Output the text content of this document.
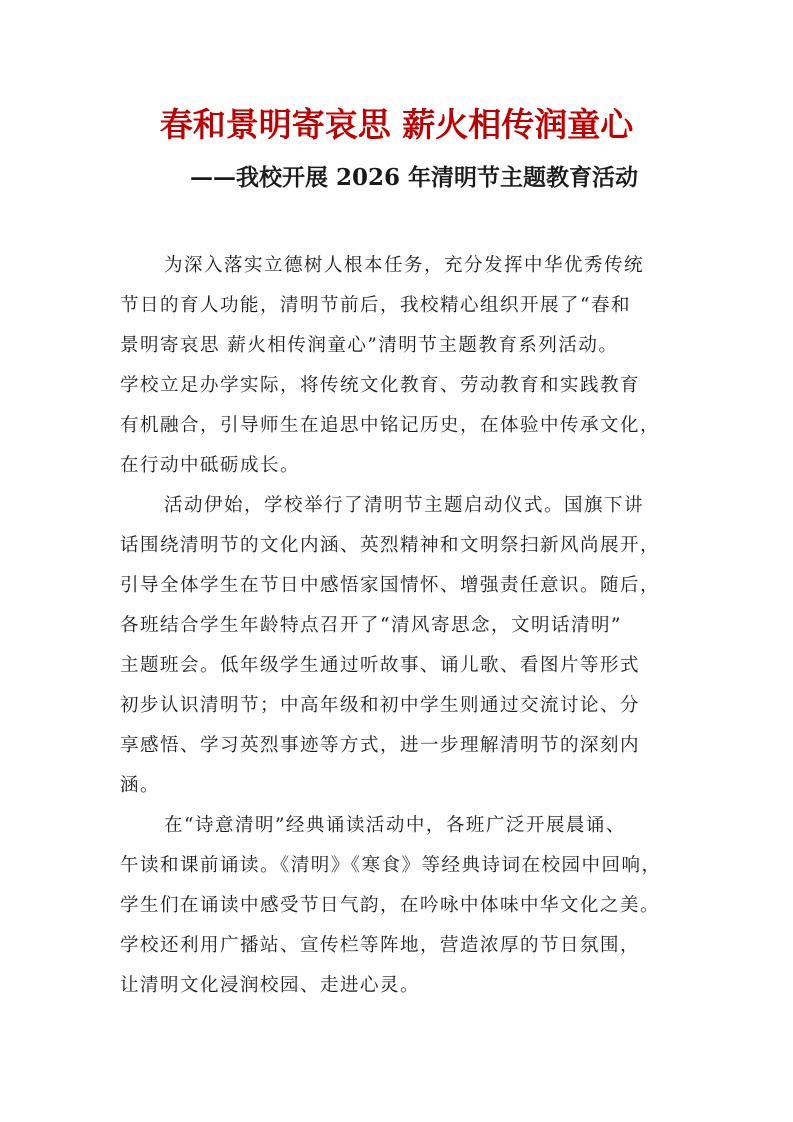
春和景明寄哀思 薪火相传润童心
——我校开展 2026 年清明节主题教育活动
为深入落实立德树人根本任务，充分发挥中华优秀传统
节日的育人功能，清明节前后，我校精心组织开展了“春和
景明寄哀思 薪火相传润童心”清明节主题教育系列活动。
学校立足办学实际，将传统文化教育、劳动教育和实践教育
有机融合，引导师生在追思中铭记历史，在体验中传承文化，
在行动中砥砺成长。
活动伊始，学校举行了清明节主题启动仪式。国旗下讲
话围绕清明节的文化内涵、英烈精神和文明祭扫新风尚展开，
引导全体学生在节日中感悟家国情怀、增强责任意识。随后，
各班结合学生年龄特点召开了“清风寄思念，文明话清明”
主题班会。低年级学生通过听故事、诵儿歌、看图片等形式
初步认识清明节；中高年级和初中学生则通过交流讨论、分
享感悟、学习英烈事迹等方式，进一步理解清明节的深刻内
涵。
在“诗意清明”经典诵读活动中，各班广泛开展晨诵、
午读和课前诵读。《清明》《寒食》等经典诗词在校园中回响，
学生们在诵读中感受节日气韵，在吟咏中体味中华文化之美。
学校还利用广播站、宣传栏等阵地，营造浓厚的节日氛围，
让清明文化浸润校园、走进心灵。
